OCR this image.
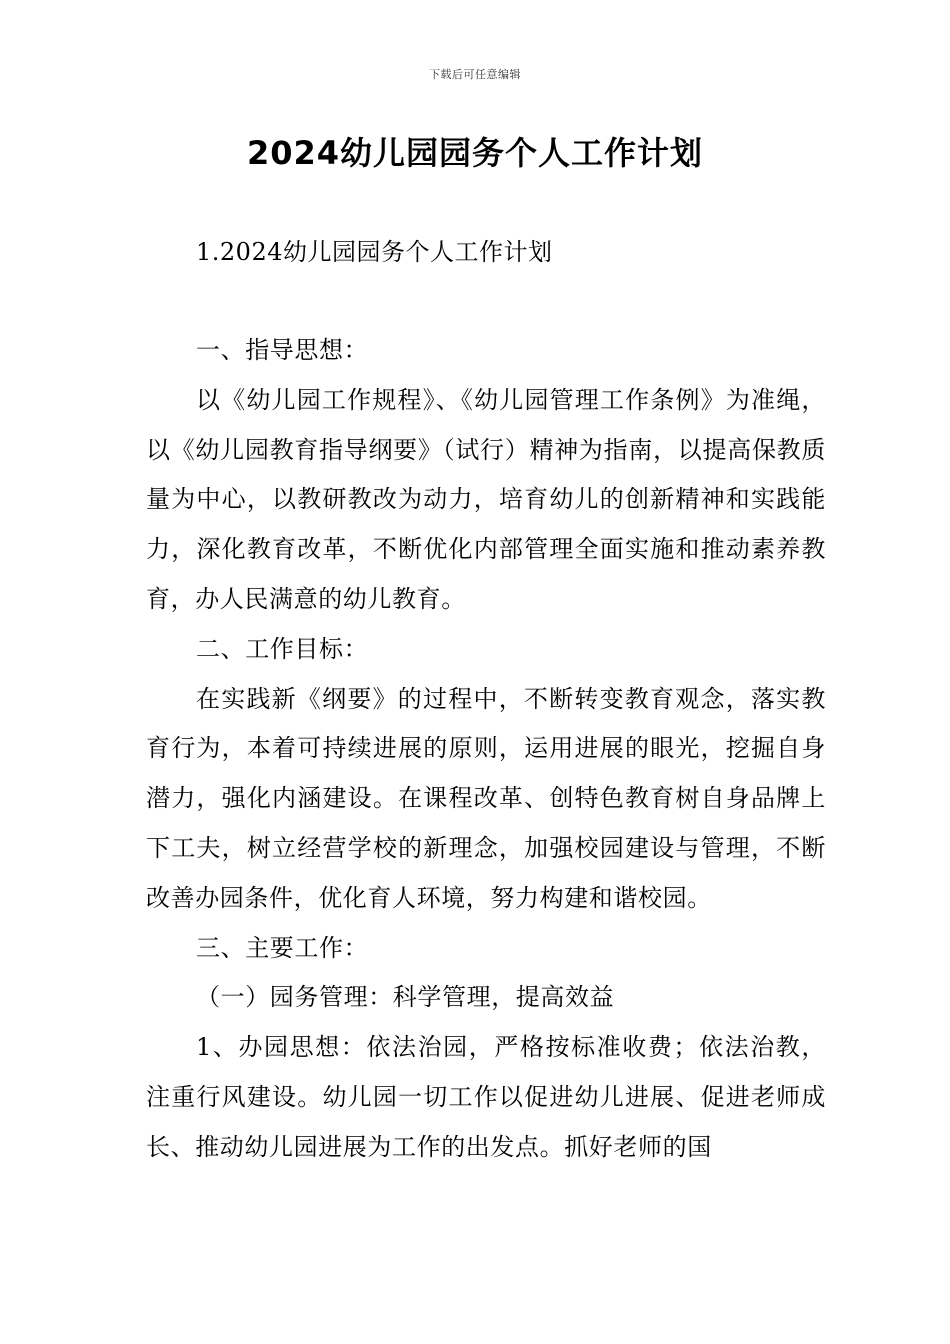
下载后可任意编辑
2024幼儿园园务个人工作计划
1.2024幼儿园园务个人工作计划

一、指导思想：

以《幼儿园工作规程》、《幼儿园管理工作条例》为准绳，以《幼儿园教育指导纲要》（试行）精神为指南，以提高保教质量为中心，以教研教改为动力，培育幼儿的创新精神和实践能力，深化教育改革，不断优化内部管理全面实施和推动素养教育，办人民满意的幼儿教育。

二、工作目标：

在实践新《纲要》的过程中，不断转变教育观念，落实教育行为，本着可持续进展的原则，运用进展的眼光，挖掘自身潜力，强化内涵建设。在课程改革、创特色教育树自身品牌上下工夫，树立经营学校的新理念，加强校园建设与管理，不断改善办园条件，优化育人环境，努力构建和谐校园。

三、主要工作：

（一）园务管理：科学管理，提高效益

1、办园思想：依法治园，严格按标准收费；依法治教，注重行风建设。幼儿园一切工作以促进幼儿进展、促进老师成长、推动幼儿园进展为工作的出发点。抓好老师的国
